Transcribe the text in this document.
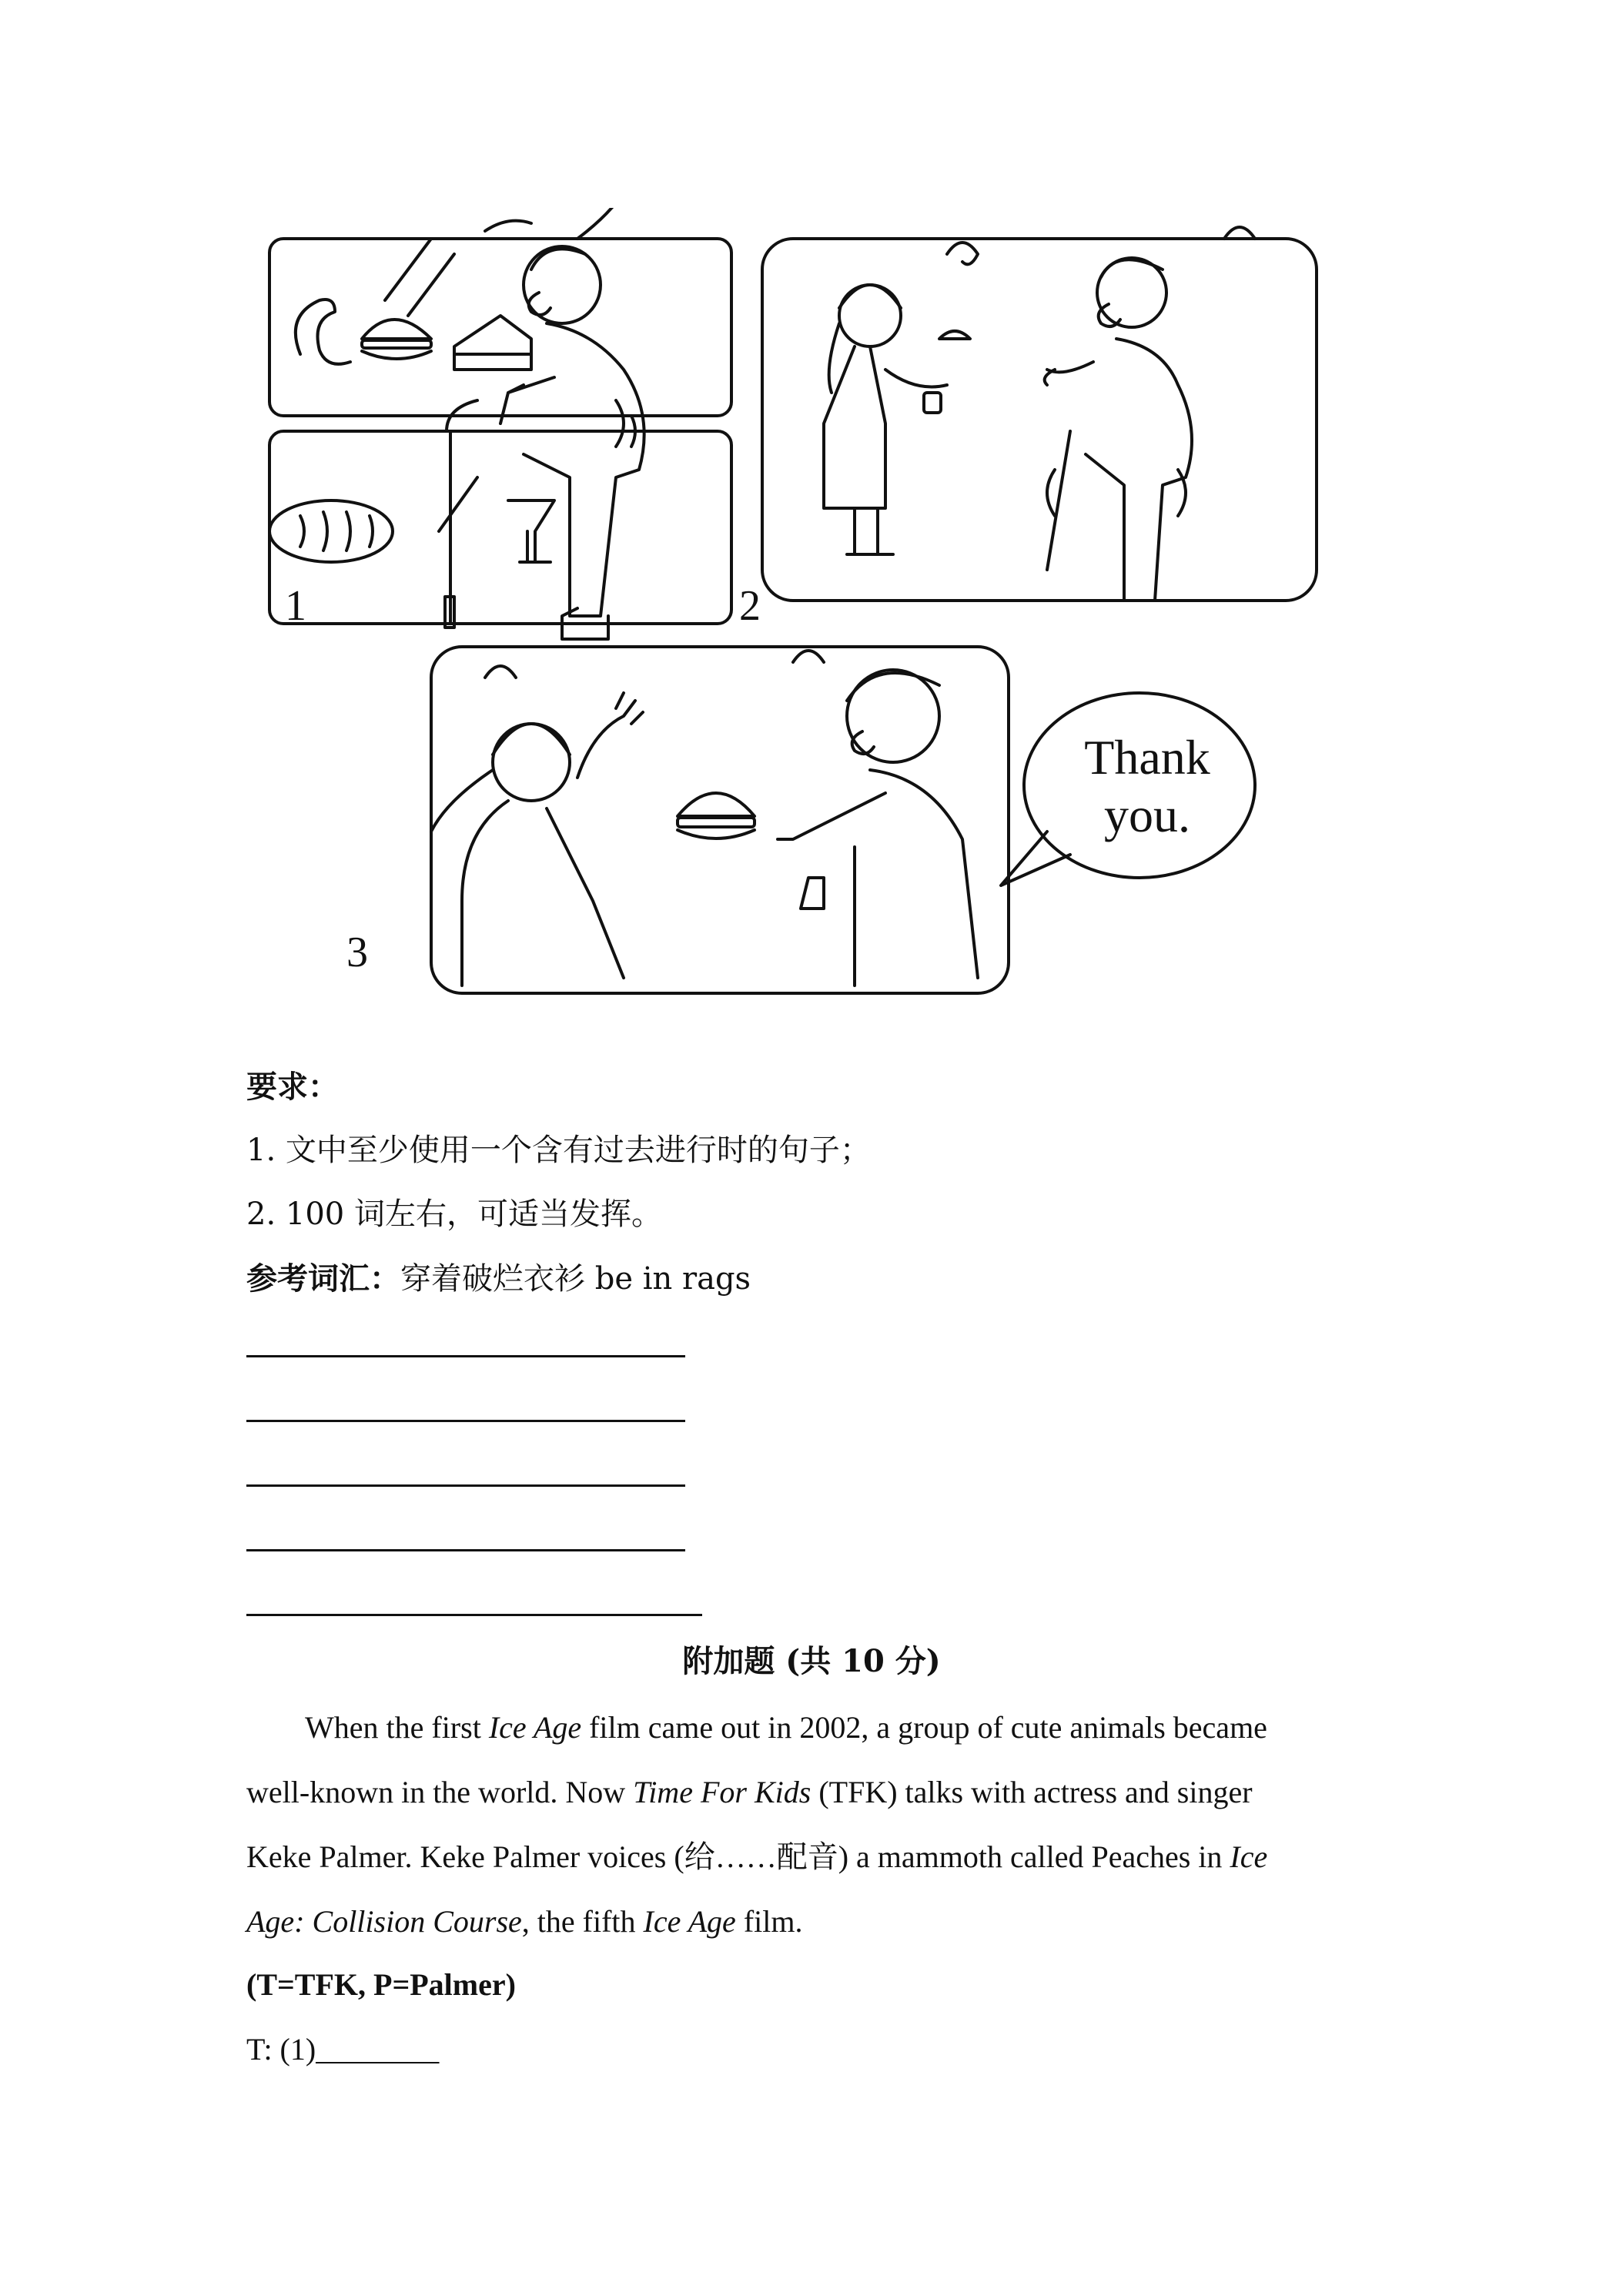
1	2
3
Thank
you.
要求：
1. 文中至少使用一个含有过去进行时的句子；
2. 100 词左右，可适当发挥。
参考词汇：穿着破烂衣衫 be in rags
附加题 (共 10 分)

When the first Ice Age film came out in 2002, a group of cute animals became

well-known in the world. Now Time For Kids (TFK) talks with actress and singer

Keke Palmer. Keke Palmer voices (给……配音) a mammoth called Peaches in Ice

Age: Collision Course, the fifth Ice Age film.

(T=TFK, P=Palmer)
T: (1)________
